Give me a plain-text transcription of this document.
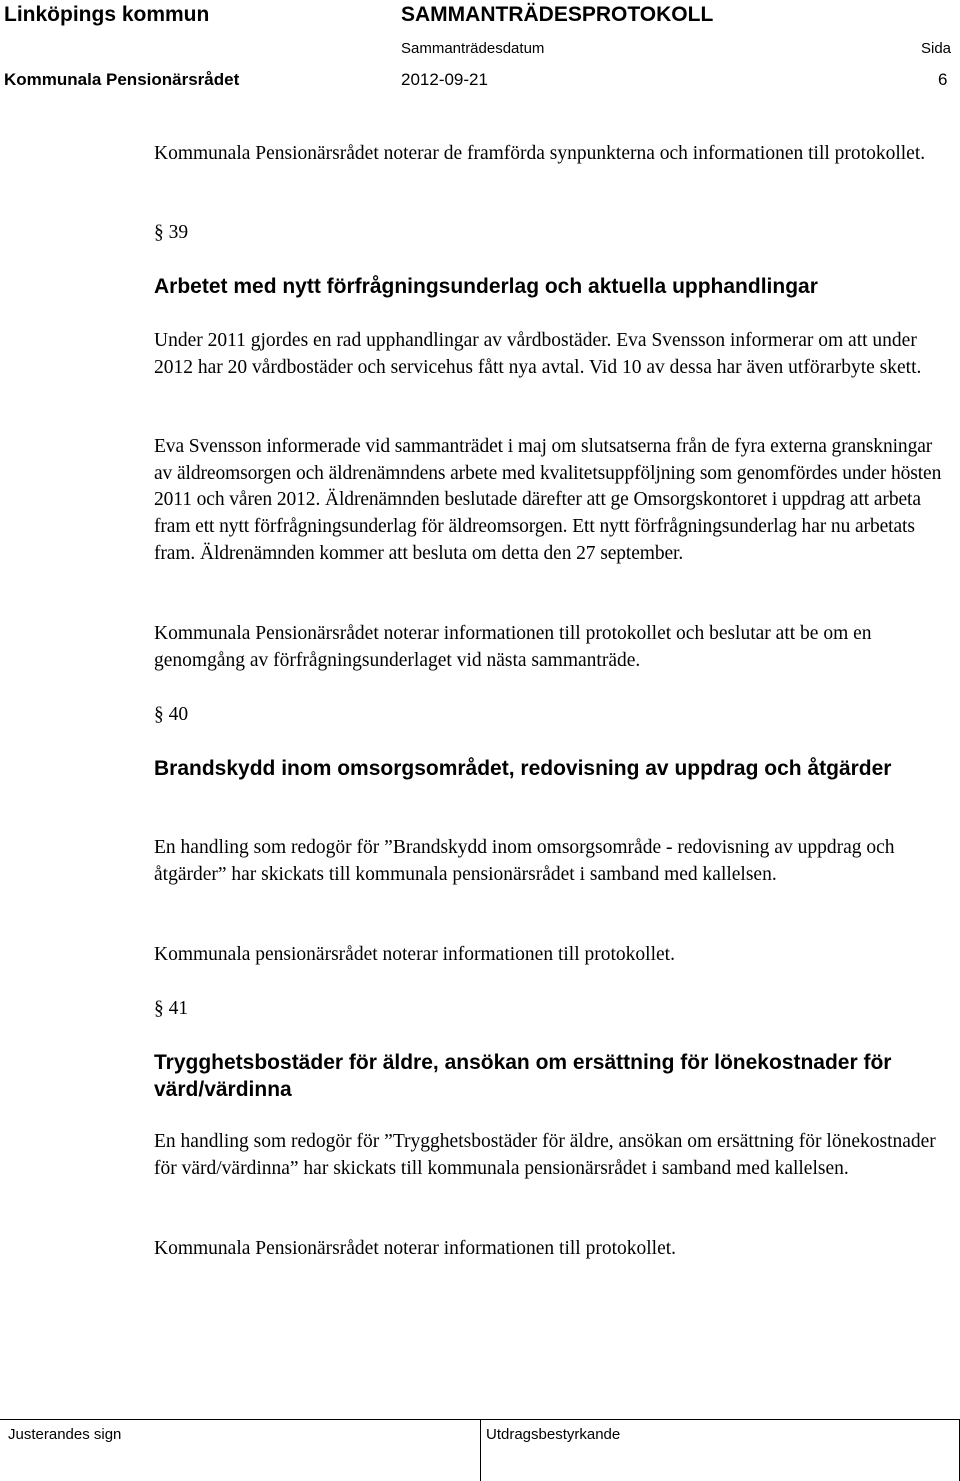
Linköpings kommun	SAMMANTRÄDESPROTOKOLL
Sammanträdesdatum	Sida
Kommunala Pensionärsrådet	2012-09-21	6
Kommunala Pensionärsrådet noterar de framförda synpunkterna och informationen till protokollet.
§ 39
Arbetet med nytt förfrågningsunderlag och aktuella upphandlingar
Under 2011 gjordes en rad upphandlingar av vårdbostäder. Eva Svensson informerar om att under 2012 har 20 vårdbostäder och servicehus fått nya avtal. Vid 10 av dessa har även utförarbyte skett.
Eva Svensson informerade vid sammanträdet i maj om slutsatserna från de fyra externa granskningar av äldreomsorgen och äldrenämndens arbete med kvalitetsuppföljning som genomfördes under hösten 2011 och våren 2012. Äldrenämnden beslutade därefter att ge Omsorgskontoret i uppdrag att arbeta fram ett nytt förfrågningsunderlag för äldreomsorgen. Ett nytt förfrågningsunderlag har nu arbetats fram. Äldrenämnden kommer att besluta om detta den 27 september.
Kommunala Pensionärsrådet noterar informationen till protokollet och beslutar att be om en genomgång av förfrågningsunderlaget vid nästa sammanträde.
§ 40
Brandskydd inom omsorgsområdet, redovisning av uppdrag och åtgärder
En handling som redogör för ”Brandskydd inom omsorgsområde - redovisning av uppdrag och åtgärder” har skickats till kommunala pensionärsrådet i samband med kallelsen.
Kommunala pensionärsrådet noterar informationen till protokollet.
§ 41
Trygghetsbostäder för äldre, ansökan om ersättning för lönekostnader för värd/värdinna
En handling som redogör för ”Trygghetsbostäder för äldre, ansökan om ersättning för lönekostnader för värd/värdinna” har skickats till kommunala pensionärsrådet i samband med kallelsen.
Kommunala Pensionärsrådet noterar informationen till protokollet.
Justerandes sign	Utdragsbestyrkande
